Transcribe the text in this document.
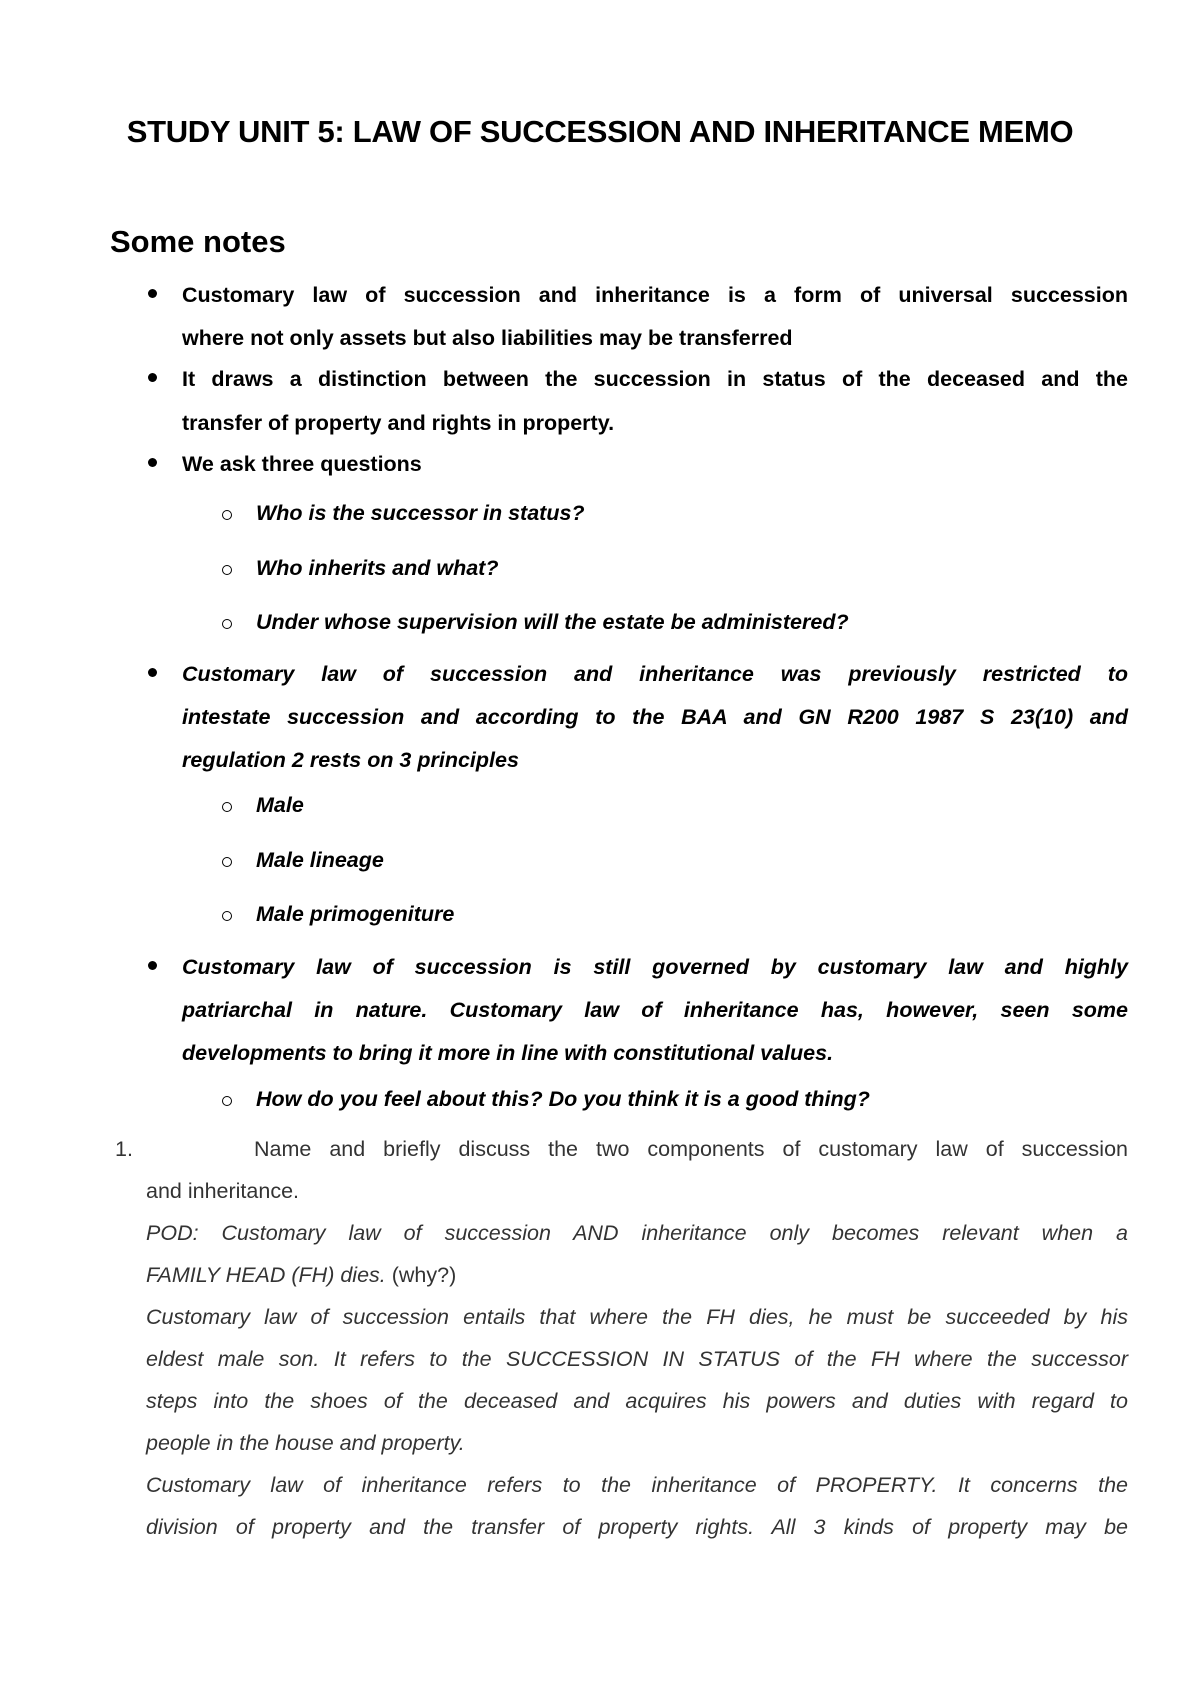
STUDY UNIT 5: LAW OF SUCCESSION AND INHERITANCE MEMO
Some notes
Customary law of succession and inheritance is a form of universal succession
where not only assets but also liabilities may be transferred
It draws a distinction between the succession in status of the deceased and the
transfer of property and rights in property.
We ask three questions
Who is the successor in status?
Who inherits and what?
Under whose supervision will the estate be administered?
Customary law of succession and inheritance was previously restricted to
intestate succession and according to the BAA and GN R200 1987 S 23(10) and
regulation 2 rests on 3 principles
Male
Male lineage
Male primogeniture
Customary law of succession is still governed by customary law and highly
patriarchal in nature. Customary law of inheritance has, however, seen some
developments to bring it more in line with constitutional values.
How do you feel about this? Do you think it is a good thing?
1.	Name and briefly discuss the two components of customary law of succession
and inheritance.
POD: Customary law of succession AND inheritance only becomes relevant when a
FAMILY HEAD (FH) dies. (why?)
Customary law of succession entails that where the FH dies, he must be succeeded by his
eldest male son. It refers to the SUCCESSION IN STATUS of the FH where the successor
steps into the shoes of the deceased and acquires his powers and duties with regard to
people in the house and property.
Customary law of inheritance refers to the inheritance of PROPERTY. It concerns the
division of property and the transfer of property rights. All 3 kinds of property may be
